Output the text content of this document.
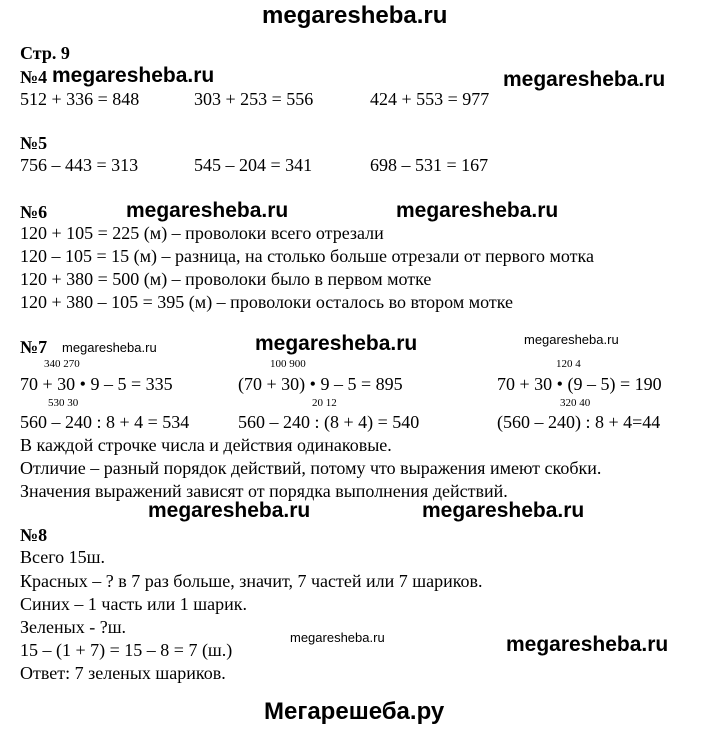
megaresheba.ru
Стр. 9
№4 megaresheba.ru	megaresheba.ru
512 + 336 = 848	303 + 253 = 556	424 + 553 = 977
№5
756 – 443 = 313	545 – 204 = 341	698 – 531 = 167
№6	megaresheba.ru	megaresheba.ru
120 + 105 = 225 (м) – проволоки всего отрезали
120 – 105 = 15 (м) – разница, на столько больше отрезали от первого мотка
120 + 380 = 500 (м) – проволоки было в первом мотке
120 + 380 – 105 = 395 (м) – проволоки осталось во втором мотке
№7 megaresheba.ru	megaresheba.ru	megaresheba.ru
340 270	100 900	120 4
70 + 30 • 9 – 5 = 335	(70 + 30) • 9 – 5 = 895	70 + 30 • (9 – 5) = 190
530 30	20 12	320 40
560 – 240 : 8 + 4 = 534	560 – 240 : (8 + 4) = 540	(560 – 240) : 8 + 4=44
В каждой строчке числа и действия одинаковые.
Отличие – разный порядок действий, потому что выражения имеют скобки.
Значения выражений зависят от порядка выполнения действий.
megaresheba.ru	megaresheba.ru
№8
Всего 15ш.
Красных – ? в 7 раз больше, значит, 7 частей или 7 шариков.
Синих – 1 часть или 1 шарик.
Зеленых - ?ш.
megaresheba.ru	megaresheba.ru
15 – (1 + 7) = 15 – 8 = 7 (ш.)
Ответ: 7 зеленых шариков.
Мегарешеба.ру
